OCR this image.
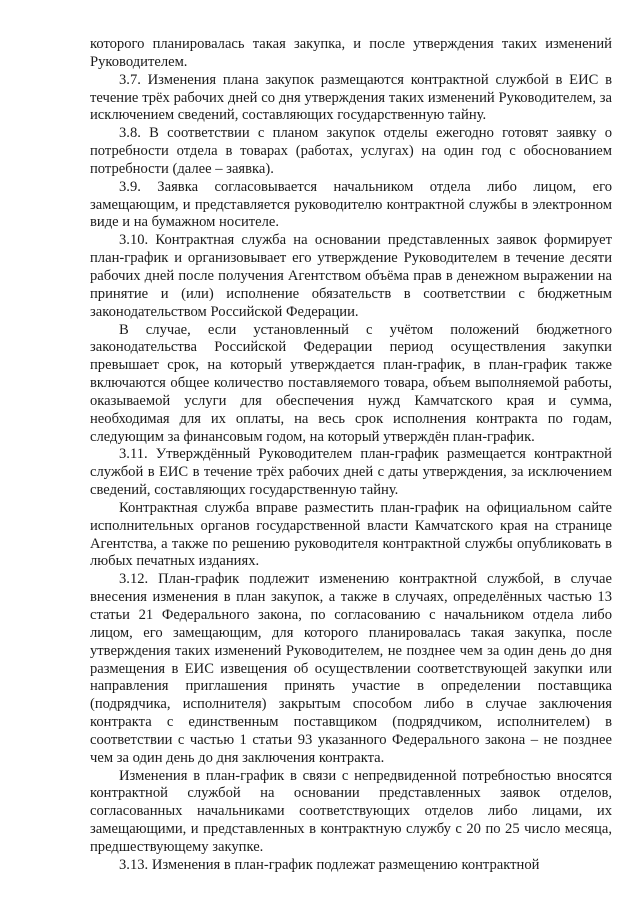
которого планировалась такая закупка, и после утверждения таких изменений Руководителем.

3.7. Изменения плана закупок размещаются контрактной службой в ЕИС в течение трёх рабочих дней со дня утверждения таких изменений Руководителем, за исключением сведений, составляющих государственную тайну.

3.8. В соответствии с планом закупок отделы ежегодно готовят заявку о потребности отдела в товарах (работах, услугах) на один год с обоснованием потребности (далее – заявка).

3.9. Заявка согласовывается начальником отдела либо лицом, его замещающим, и представляется руководителю контрактной службы в электронном виде и на бумажном носителе.

3.10. Контрактная служба на основании представленных заявок формирует план-график и организовывает его утверждение Руководителем в течение десяти рабочих дней после получения Агентством объёма прав в денежном выражении на принятие и (или) исполнение обязательств в соответствии с бюджетным законодательством Российской Федерации.

В случае, если установленный с учётом положений бюджетного законодательства Российской Федерации период осуществления закупки превышает срок, на который утверждается план-график, в план-график также включаются общее количество поставляемого товара, объем выполняемой работы, оказываемой услуги для обеспечения нужд Камчатского края и сумма, необходимая для их оплаты, на весь срок исполнения контракта по годам, следующим за финансовым годом, на который утверждён план-график.

3.11. Утверждённый Руководителем план-график размещается контрактной службой в ЕИС в течение трёх рабочих дней с даты утверждения, за исключением сведений, составляющих государственную тайну.

Контрактная служба вправе разместить план-график на официальном сайте исполнительных органов государственной власти Камчатского края на странице Агентства, а также по решению руководителя контрактной службы опубликовать в любых печатных изданиях.

3.12. План-график подлежит изменению контрактной службой, в случае внесения изменения в план закупок, а также в случаях, определённых частью 13 статьи 21 Федерального закона, по согласованию с начальником отдела либо лицом, его замещающим, для которого планировалась такая закупка, после утверждения таких изменений Руководителем, не позднее чем за один день до дня размещения в ЕИС извещения об осуществлении соответствующей закупки или направления приглашения принять участие в определении поставщика (подрядчика, исполнителя) закрытым способом либо в случае заключения контракта с единственным поставщиком (подрядчиком, исполнителем) в соответствии с частью 1 статьи 93 указанного Федерального закона – не позднее чем за один день до дня заключения контракта.

Изменения в план-график в связи с непредвиденной потребностью вносятся контрактной службой на основании представленных заявок отделов, согласованных начальниками соответствующих отделов либо лицами, их замещающими, и представленных в контрактную службу с 20 по 25 число месяца, предшествующему закупке.

3.13. Изменения в план-график подлежат размещению контрактной
